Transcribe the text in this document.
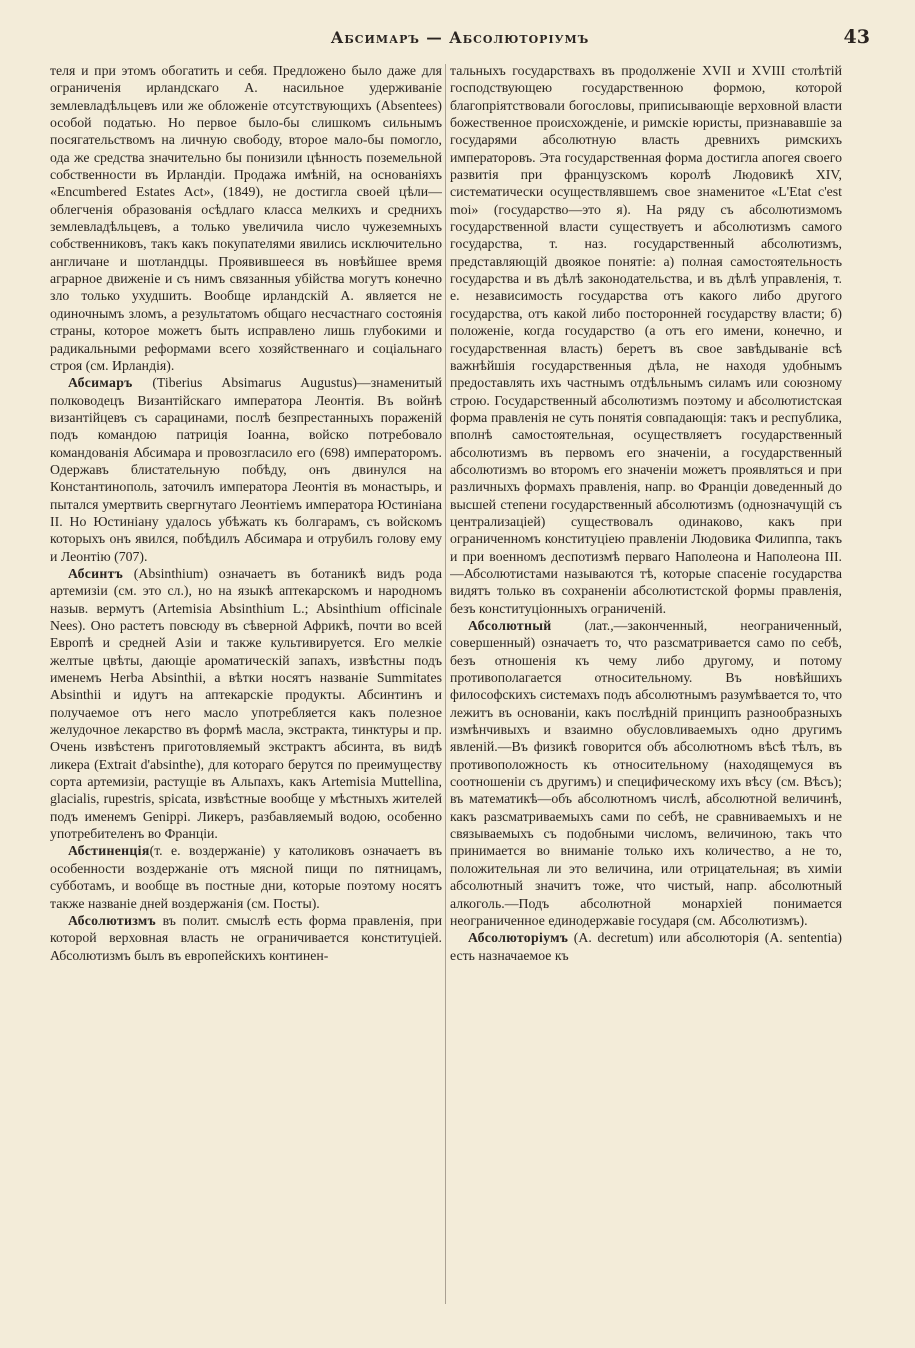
Абсимаръ — Абсолюторіумъ	43

теля и при этомъ обогатить и себя. Предложено было даже для ограниченія ирландскаго А. насильное удерживаніе землевладѣльцевъ или же обложеніе отсутствующихъ (Absentees) особой податью. Но первое было-бы слишкомъ сильнымъ посягательствомъ на личную свободу, второе мало-бы помогло, ода же средства значительно бы понизили цѣнность поземельной собственности въ Ирландіи. Продажа имѣній, на основаніяхъ «Encumbered Estates Act», (1849), не достигла своей цѣли—облегченія образованія осѣдлаго класса мелкихъ и среднихъ землевладѣльцевъ, а только увеличила число чужеземныхъ собственниковъ, такъ какъ покупателями явились исключительно англичане и шотландцы. Проявившееся въ новѣйшее время аграрное движеніе и съ нимъ связанныя убійства могутъ конечно зло только ухудшить. Вообще ирландскій А. является не одиночнымъ зломъ, а результатомъ общаго несчастнаго состоянія страны, которое можетъ быть исправлено лишь глубокими и радикальными реформами всего хозяйственнаго и соціальнаго строя (см. Ирландія).

Абсимаръ (Tiberius Absimarus Augustus)—знаменитый полководецъ Византійскаго императора Леонтія. Въ войнѣ византійцевъ съ сарацинами, послѣ безпрестанныхъ пораженій подъ командою патриція Іоанна, войско потребовало командованія Абсимара и провозгласило его (698) императоромъ. Одержавъ блистательную побѣду, онъ двинулся на Константинополь, заточилъ императора Леонтія въ монастырь, и пытался умертвить свергнутаго Леонтіемъ императора Юстиніана II. Но Юстиніану удалось убѣжать къ болгарамъ, съ войскомъ которыхъ онъ явился, побѣдилъ Абсимара и отрубилъ голову ему и Леонтію (707).

Абсинтъ (Absinthium) означаетъ въ ботаникѣ видъ рода артемизіи (см. это сл.), но на языкѣ аптекарскомъ и народномъ назыв. вермутъ (Artemisia Absinthium L.; Absinthium officinale Nees). Оно растетъ повсюду въ сѣверной Африкѣ, почти во всей Европѣ и средней Азіи и также культивируется. Его мелкіе желтые цвѣты, дающіе ароматическій запахъ, извѣстны подъ именемъ Herba Absinthii, а вѣтки носятъ названіе Summitates Absinthii и идутъ на аптекарскіе продукты. Абсинтинъ и получаемое отъ него масло употребляется какъ полезное желудочное лекарство въ формѣ масла, экстракта, тинктуры и пр. Очень извѣстенъ приготовляемый экстрактъ абсинта, въ видѣ ликера (Extrait d'absinthe), для котораго берутся по преимуществу сорта артемизіи, растущіе въ Альпахъ, какъ Artemisia Muttellina, glacialis, rupestris, spicata, извѣстные вообще у мѣстныхъ жителей подъ именемъ Genippi. Ликеръ, разбавляемый водою, особенно употребителенъ во Франціи.

Абстиненція(т. е. воздержаніе) у католиковъ означаетъ въ особенности воздержаніе отъ мясной пищи по пятницамъ, субботамъ, и вообще въ постные дни, которые поэтому носятъ также названіе дней воздержанія (см. Посты).

Абсолютизмъ въ полит. смыслѣ есть форма правленія, при которой верховная власть не ограничивается конституціей. Абсолютизмъ былъ въ европейскихъ континен-

тальныхъ государствахъ въ продолженіе XVII и XVIII столѣтій господствующею государственною формою, которой благопріятствовали богословы, приписывающіе верховной власти божественное происхожденіе, и римскіе юристы, признававшіе за государями абсолютную власть древнихъ римскихъ императоровъ. Эта государственная форма достигла апогея своего развитія при французскомъ королѣ Людовикѣ XIV, систематически осуществлявшемъ свое знаменитое «L'Etat c'est moi» (государство—это я). На ряду съ абсолютизмомъ государственной власти существуетъ и абсолютизмъ самого государства, т. наз. государственный абсолютизмъ, представляющій двоякое понятіе: а) полная самостоятельность государства и въ дѣлѣ законодательства, и въ дѣлѣ управленія, т. е. независимость государства отъ какого либо другого государства, отъ какой либо посторонней государству власти; б) положеніе, когда государство (а отъ его имени, конечно, и государственная власть) беретъ въ свое завѣдываніе всѣ важнѣйшія государственныя дѣла, не находя удобнымъ предоставлять ихъ частнымъ отдѣльнымъ силамъ или союзному строю. Государственный абсолютизмъ поэтому и абсолютистская форма правленія не суть понятія совпадающія: такъ и республика, вполнѣ самостоятельная, осуществляетъ государственный абсолютизмъ въ первомъ его значеніи, а государственный абсолютизмъ во второмъ его значеніи можетъ проявляться и при различныхъ формахъ правленія, напр. во Франціи доведенный до высшей степени государственный абсолютизмъ (однозначущій съ централизаціей) существовалъ одинаково, какъ при ограниченномъ конституціею правленіи Людовика Филиппа, такъ и при военномъ деспотизмѣ перваго Наполеона и Наполеона III.—Абсолютистами называются тѣ, которые спасеніе государства видятъ только въ сохраненіи абсолютистской формы правленія, безъ конституціонныхъ ограниченій.

Абсолютный (лат.,—законченный, неограниченный, совершенный) означаетъ то, что разсматривается само по себѣ, безъ отношенія къ чему либо другому, и потому противополагается относительному. Въ новѣйшихъ философскихъ системахъ подъ абсолютнымъ разумѣвается то, что лежитъ въ основаніи, какъ послѣдній принципъ разнообразныхъ измѣнчивыхъ и взаимно обусловливаемыхъ одно другимъ явленій.—Въ физикѣ говорится объ абсолютномъ вѣсѣ тѣлъ, въ противоположность къ относительному (находящемуся въ соотношеніи съ другимъ) и специфическому ихъ вѣсу (см. Вѣсъ); въ математикѣ—объ абсолютномъ числѣ, абсолютной величинѣ, какъ разсматриваемыхъ сами по себѣ, не сравниваемыхъ и не связываемыхъ съ подобными числомъ, величиною, такъ что принимается во вниманіе только ихъ количество, а не то, положительная ли это величина, или отрицательная; въ химіи абсолютный значитъ тоже, что чистый, напр. абсолютный алкоголь.—Подъ абсолютной монархіей понимается неограниченное единодержавіе государя (см. Абсолютизмъ).

Абсолюторіумъ (A. decretum) или абсолюторія (A. sententia) есть назначаемое къ
